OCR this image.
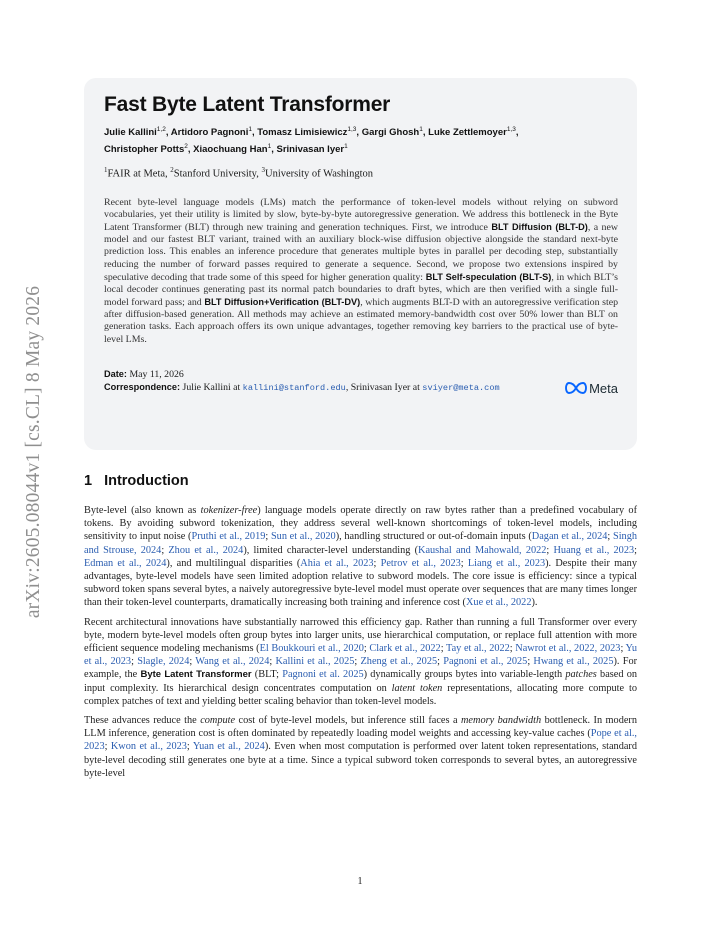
arXiv:2605.08044v1 [cs.CL] 8 May 2026
Fast Byte Latent Transformer
Julie Kallini$^{1,2}$, Artidoro Pagnoni$^1$, Tomasz Limisiewicz$^{1,3}$, Gargi Ghosh$^1$, Luke Zettlemoyer$^{1,3}$,
Christopher Potts$^2$, Xiaochuang Han$^1$, Srinivasan Iyer$^1$
$^1$FAIR at Meta, $^2$Stanford University, $^3$University of Washington
Recent byte-level language models (LMs) match the performance of token-level models without relying on subword vocabularies, yet their utility is limited by slow, byte-by-byte autoregressive generation. We address this bottleneck in the Byte Latent Transformer (BLT) through new training and generation techniques. First, we introduce BLT Diffusion (BLT-D), a new model and our fastest BLT variant, trained with an auxiliary block-wise diffusion objective alongside the standard next-byte prediction loss. This enables an inference procedure that generates multiple bytes in parallel per decoding step, substantially reducing the number of forward passes required to generate a sequence. Second, we propose two extensions inspired by speculative decoding that trade some of this speed for higher generation quality: BLT Self-speculation (BLT-S), in which BLT’s local decoder continues generating past its normal patch boundaries to draft bytes, which are then verified with a single full-model forward pass; and BLT Diffusion+Verification (BLT-DV), which augments BLT-D with an autoregressive verification step after diffusion-based generation. All methods may achieve an estimated memory-bandwidth cost over 50% lower than BLT on generation tasks. Each approach offers its own unique advantages, together removing key barriers to the practical use of byte-level LMs.
Date: May 11, 2026
Correspondence: Julie Kallini at kallini@stanford.edu, Srinivasan Iyer at sviyer@meta.com	Meta
1 Introduction

Byte-level (also known as tokenizer-free) language models operate directly on raw bytes rather than a predefined vocabulary of tokens. By avoiding subword tokenization, they address several well-known shortcomings of token-level models, including sensitivity to input noise (Pruthi et al., 2019; Sun et al., 2020), handling structured or out-of-domain inputs (Dagan et al., 2024; Singh and Strouse, 2024; Zhou et al., 2024), limited character-level understanding (Kaushal and Mahowald, 2022; Huang et al., 2023; Edman et al., 2024), and multilingual disparities (Ahia et al., 2023; Petrov et al., 2023; Liang et al., 2023). Despite their many advantages, byte-level models have seen limited adoption relative to subword models. The core issue is efficiency: since a typical subword token spans several bytes, a naively autoregressive byte-level model must operate over sequences that are many times longer than their token-level counterparts, dramatically increasing both training and inference cost (Xue et al., 2022).

Recent architectural innovations have substantially narrowed this efficiency gap. Rather than running a full Transformer over every byte, modern byte-level models often group bytes into larger units, use hierarchical computation, or replace full attention with more efficient sequence modeling mechanisms (El Boukkouri et al., 2020; Clark et al., 2022; Tay et al., 2022; Nawrot et al., 2022, 2023; Yu et al., 2023; Slagle, 2024; Wang et al., 2024; Kallini et al., 2025; Zheng et al., 2025; Pagnoni et al., 2025; Hwang et al., 2025). For example, the Byte Latent Transformer (BLT; Pagnoni et al. 2025) dynamically groups bytes into variable-length patches based on input complexity. Its hierarchical design concentrates computation on latent token representations, allocating more compute to complex patches of text and yielding better scaling behavior than token-level models.

These advances reduce the compute cost of byte-level models, but inference still faces a memory bandwidth bottleneck. In modern LLM inference, generation cost is often dominated by repeatedly loading model weights and accessing key-value caches (Pope et al., 2023; Kwon et al., 2023; Yuan et al., 2024). Even when most computation is performed over latent token representations, standard byte-level decoding still generates one byte at a time. Since a typical subword token corresponds to several bytes, an autoregressive byte-level

1
